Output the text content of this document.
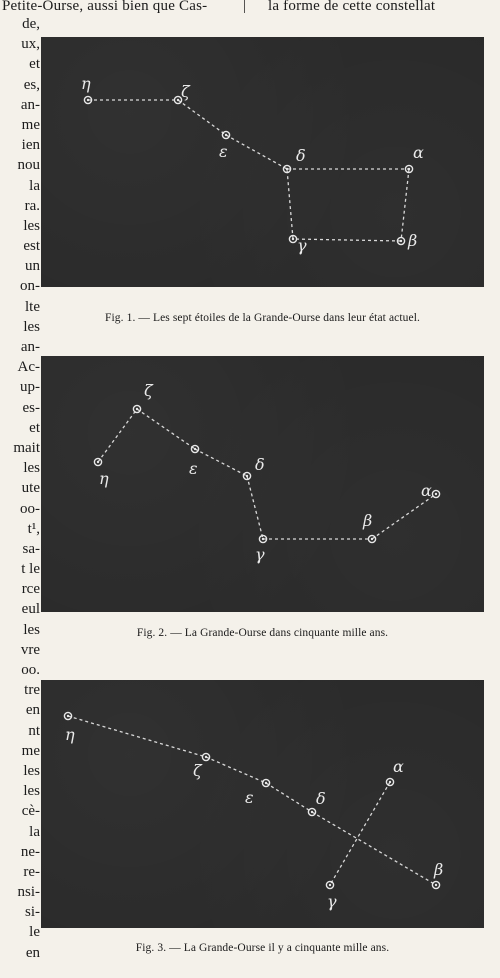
Petite-Ourse, aussi bien que Cas- | la forme de cette constellat
de,
ux,
et
es,
an-
me
ien
nou
la
ra.
les
est
un
on-
lte
les
an-
Ac-
up-
es-
et
mait
les
ute
oo-
t¹,
sa-
t le
rce
eul
les
vre
oo.
tre
en
nt
me
les
les
cè-
la
ne-
re-
nsi-
si-
le
en
η	ζ
ε	δ	α
β
γ
Fig. 1. — Les sept étoiles de la Grande-Ourse dans leur état actuel.
η
ζ
ε	δ
γ
β
α
Fig. 2. — La Grande-Ourse dans cinquante mille ans.
η
ζ
ε	δ
α
γ
β
Fig. 3. — La Grande-Ourse il y a cinquante mille ans.
